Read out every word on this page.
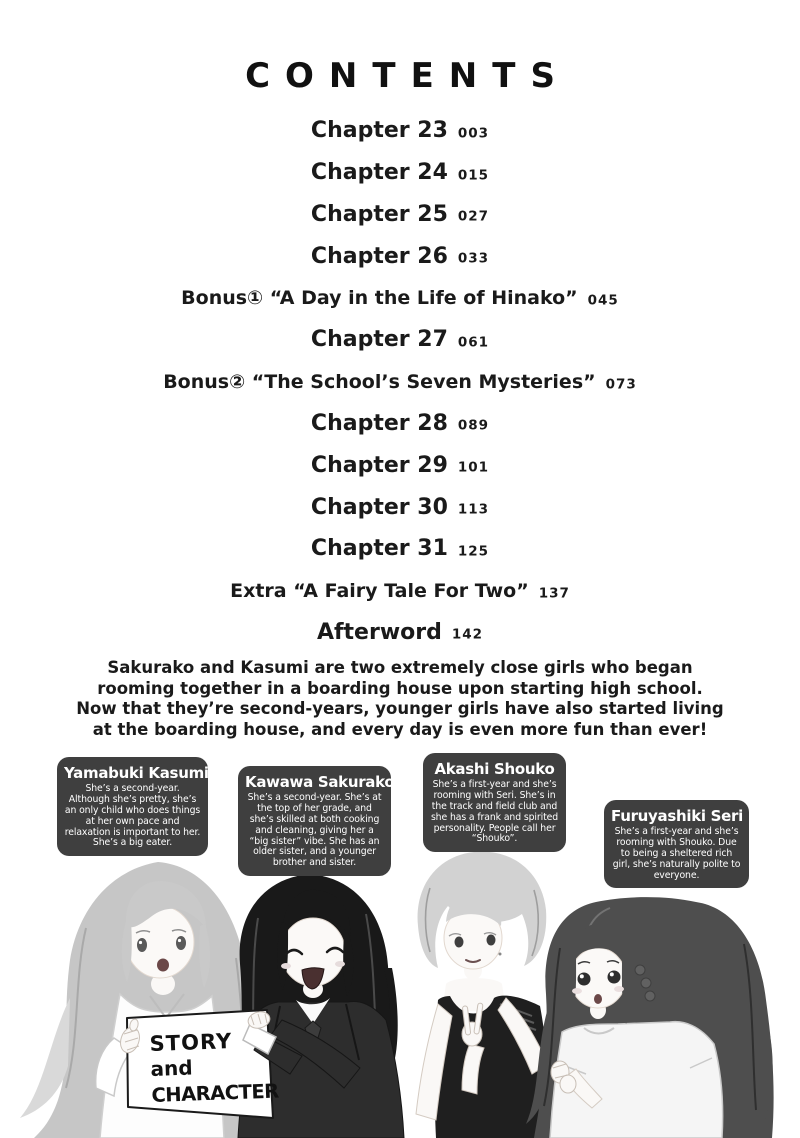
CONTENTS
Chapter 23 003
Chapter 24 015
Chapter 25 027
Chapter 26 033
Bonus① “A Day in the Life of Hinako” 045
Chapter 27 061
Bonus② “The School’s Seven Mysteries” 073
Chapter 28 089
Chapter 29 101
Chapter 30 113
Chapter 31 125
Extra “A Fairy Tale For Two” 137
Afterword 142
Sakurako and Kasumi are two extremely close girls who began
rooming together in a boarding house upon starting high school.
Now that they’re second-years, younger girls have also started living
at the boarding house, and every day is even more fun than ever!
Yamabuki Kasumi
She’s a second-year. Although she’s pretty, she’s an only child who does things at her own pace and relaxation is important to her. She’s a big eater.
Kawawa Sakurako
She’s a second-year. She’s at the top of her grade, and she’s skilled at both cooking and cleaning, giving her a “big sister” vibe. She has an older sister, and a younger brother and sister.
Akashi Shouko
She’s a first-year and she’s rooming with Seri. She’s in the track and field club and she has a frank and spirited personality. People call her “Shouko”.
Furuyashiki Seri
She’s a first-year and she’s rooming with Shouko. Due to being a sheltered rich girl, she’s naturally polite to everyone.
STORY
and
CHARACTER
